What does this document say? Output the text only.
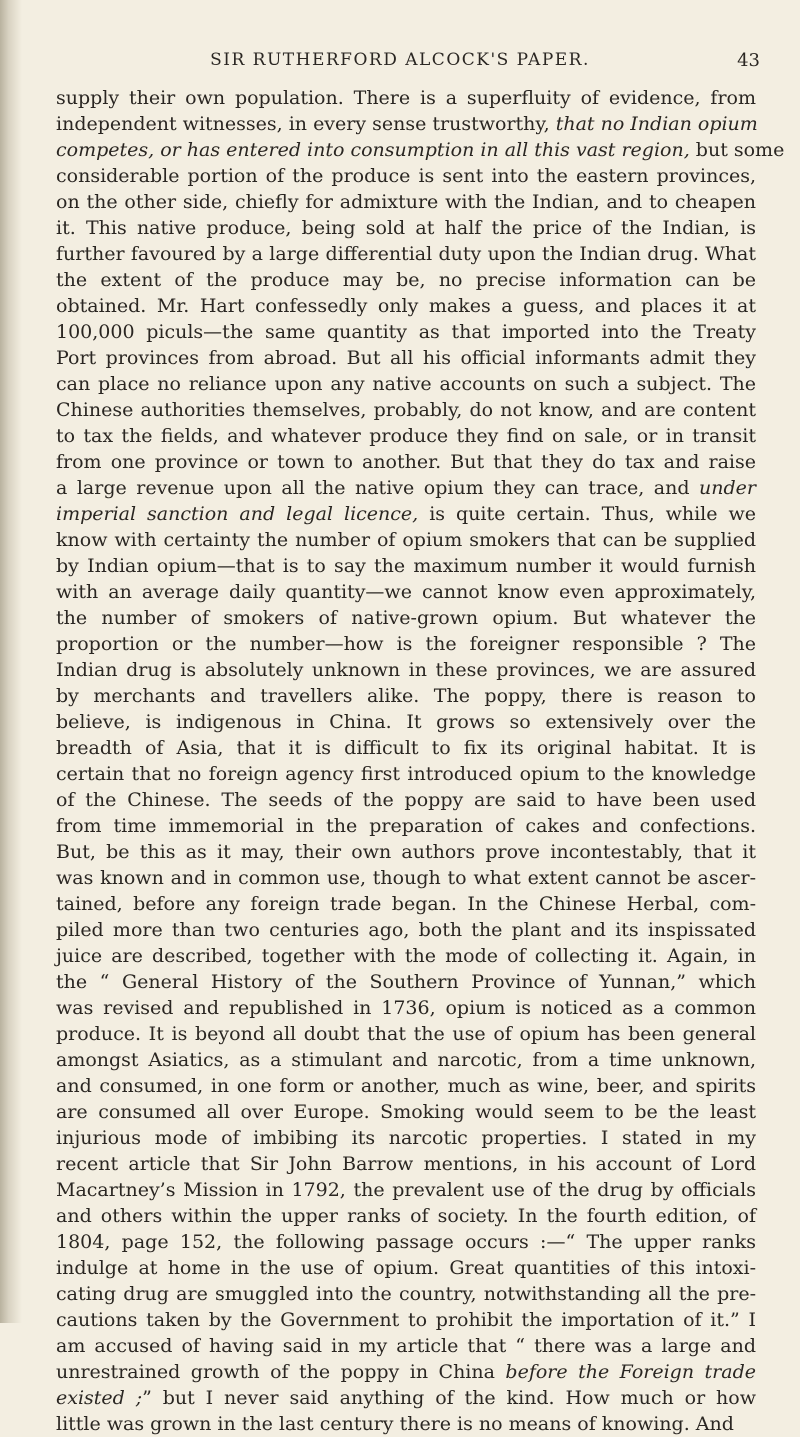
SIR RUTHERFORD ALCOCK'S PAPER.	43
supply their own population. There is a superfluity of evidence, from
independent witnesses, in every sense trustworthy, that no Indian opium
competes, or has entered into consumption in all this vast region, but some
considerable portion of the produce is sent into the eastern provinces,
on the other side, chiefly for admixture with the Indian, and to cheapen
it. This native produce, being sold at half the price of the Indian, is
further favoured by a large differential duty upon the Indian drug. What
the extent of the produce may be, no precise information can be
obtained. Mr. Hart confessedly only makes a guess, and places it at
100,000 piculs—the same quantity as that imported into the Treaty
Port provinces from abroad. But all his official informants admit they
can place no reliance upon any native accounts on such a subject. The
Chinese authorities themselves, probably, do not know, and are content
to tax the fields, and whatever produce they find on sale, or in transit
from one province or town to another. But that they do tax and raise
a large revenue upon all the native opium they can trace, and under
imperial sanction and legal licence, is quite certain. Thus, while we
know with certainty the number of opium smokers that can be supplied
by Indian opium—that is to say the maximum number it would furnish
with an average daily quantity—we cannot know even approximately,
the number of smokers of native-grown opium. But whatever the
proportion or the number—how is the foreigner responsible ? The
Indian drug is absolutely unknown in these provinces, we are assured
by merchants and travellers alike. The poppy, there is reason to
believe, is indigenous in China. It grows so extensively over the
breadth of Asia, that it is difficult to fix its original habitat. It is
certain that no foreign agency first introduced opium to the knowledge
of the Chinese. The seeds of the poppy are said to have been used
from time immemorial in the preparation of cakes and confections.
But, be this as it may, their own authors prove incontestably, that it
was known and in common use, though to what extent cannot be ascer-
tained, before any foreign trade began. In the Chinese Herbal, com-
piled more than two centuries ago, both the plant and its inspissated
juice are described, together with the mode of collecting it. Again, in
the “ General History of the Southern Province of Yunnan,” which
was revised and republished in 1736, opium is noticed as a common
produce. It is beyond all doubt that the use of opium has been general
amongst Asiatics, as a stimulant and narcotic, from a time unknown,
and consumed, in one form or another, much as wine, beer, and spirits
are consumed all over Europe. Smoking would seem to be the least
injurious mode of imbibing its narcotic properties. I stated in my
recent article that Sir John Barrow mentions, in his account of Lord
Macartney’s Mission in 1792, the prevalent use of the drug by officials
and others within the upper ranks of society. In the fourth edition, of
1804, page 152, the following passage occurs :—“ The upper ranks
indulge at home in the use of opium. Great quantities of this intoxi-
cating drug are smuggled into the country, notwithstanding all the pre-
cautions taken by the Government to prohibit the importation of it.” I
am accused of having said in my article that “ there was a large and
unrestrained growth of the poppy in China before the Foreign trade
existed ;” but I never said anything of the kind. How much or how
little was grown in the last century there is no means of knowing. And
